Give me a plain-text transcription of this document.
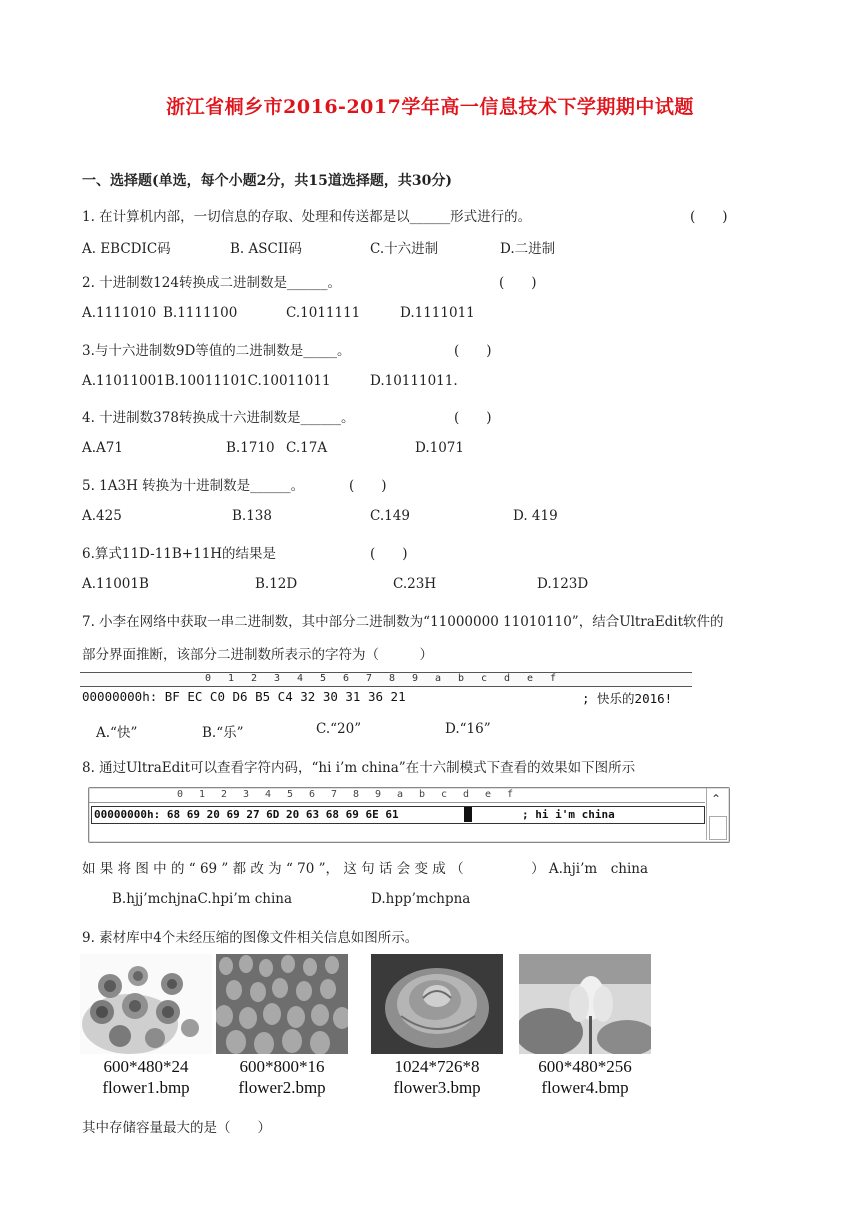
浙江省桐乡市2016-2017学年高一信息技术下学期期中试题
一、选择题(单选，每个小题2分，共15道选择题，共30分)
1. 在计算机内部，一切信息的存取、处理和传送都是以______形式进行的。	(　　)
A. EBCDIC码	B. ASCII码	C.十六进制	D.二进制
2. 十进制数124转换成二进制数是______。	(　　)
A.1111010 B.1111100	C.1011111	D.1111011
3.与十六进制数9D等值的二进制数是_____。	(　　)
A.11011001B.10011101C.10011011	D.10111011.
4. 十进制数378转换成十六进制数是______。	(　　)
A.A71	B.1710 C.17A	D.1071
5. 1A3H 转换为十进制数是______。	(　　)
A.425	B.138	C.149	D. 419
6.算式11D-11B+11H的结果是	(　　)
A.11001B	B.12D	C.23H	D.123D
7. 小李在网络中获取一串二进制数，其中部分二进制数为“11000000 11010110”，结合UltraEdit软件的
部分界面推断，该部分二进制数所表示的字符为（　　　）
0 1 2 3 4 5 6 7 8 9 a b c d e f
00000000h: BF EC C0 D6 B5 C4 32 30 31 36 21	; 快乐的2016!
A.“快”	B.“乐”	C.“20”	D.“16”
8. 通过UltraEdit可以查看字符内码，“hi i’m china”在十六制模式下查看的效果如下图所示
0 1 2 3 4 5 6 7 8 9 a b c d e f
00000000h: 68 69 20 69 27 6D 20 63 68 69 6E 61	; hi i'm china
⌃
如 果 将 图 中 的 “ 69 ” 都 改 为 “ 70 ”， 这 句 话 会 变 成 （　　　　　） A.hji’m　china
B.hjj’mchjnaC.hpi’m china	D.hpp’mchpna
9. 素材库中4个未经压缩的图像文件相关信息如图所示。
600*480*24
flower1.bmp
600*800*16
flower2.bmp
1024*726*8
flower3.bmp
600*480*256
flower4.bmp
其中存储容量最大的是（　　）
